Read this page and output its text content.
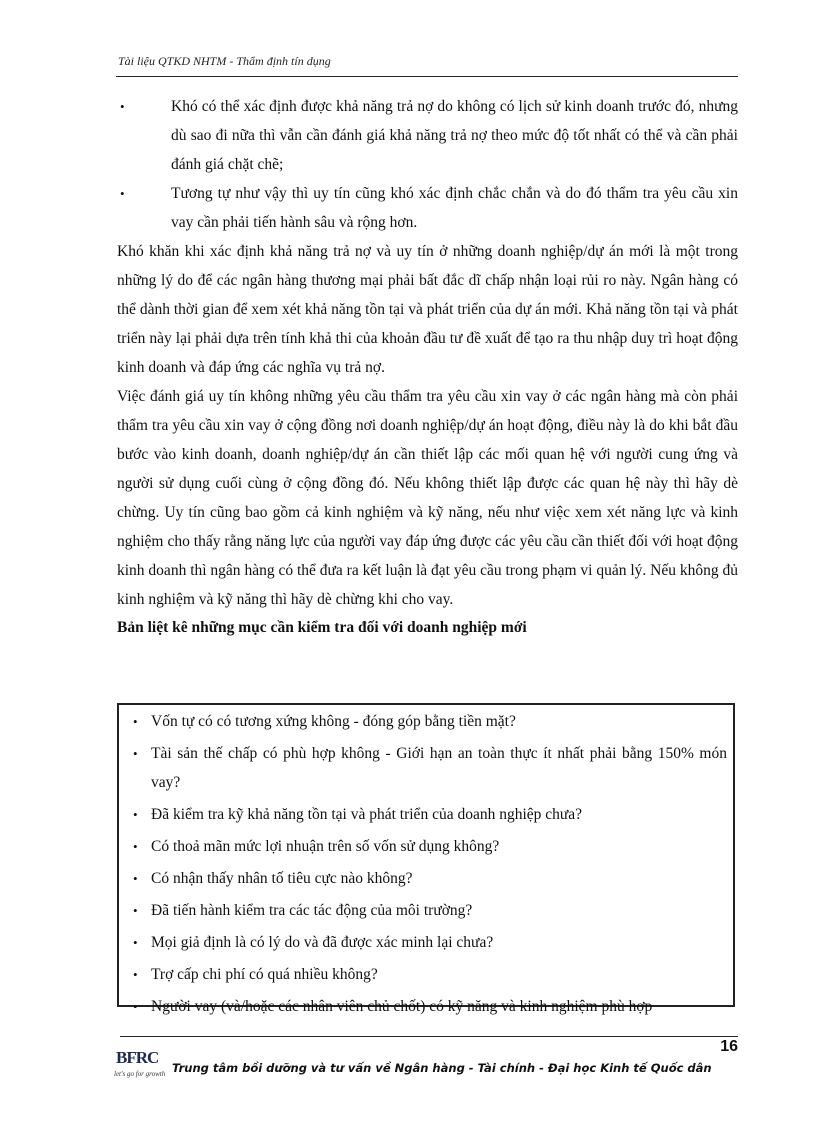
Tài liệu QTKD NHTM - Thẩm định tín dụng
•	Khó có thể xác định được khả năng trả nợ do không có lịch sử kinh doanh trước đó, nhưng dù sao đi nữa thì vẫn cần đánh giá khả năng trả nợ theo mức độ tốt nhất có thể và cần phải đánh giá chặt chẽ;
•	Tương tự như vậy thì uy tín cũng khó xác định chắc chắn và do đó thẩm tra yêu cầu xin vay cần phải tiến hành sâu và rộng hơn.

Khó khăn khi xác định khả năng trả nợ và uy tín ở những doanh nghiệp/dự án mới là một trong những lý do để các ngân hàng thương mại phải bất đắc dĩ chấp nhận loại rủi ro này. Ngân hàng có thể dành thời gian để xem xét khả năng tồn tại và phát triển của dự án mới. Khả năng tồn tại và phát triển này lại phải dựa trên tính khả thi của khoản đầu tư đề xuất để tạo ra thu nhập duy trì hoạt động kinh doanh và đáp ứng các nghĩa vụ trả nợ.

Việc đánh giá uy tín không những yêu cầu thẩm tra yêu cầu xin vay ở các ngân hàng mà còn phải thẩm tra yêu cầu xin vay ở cộng đồng nơi doanh nghiệp/dự án hoạt động, điều này là do khi bắt đầu bước vào kinh doanh, doanh nghiệp/dự án cần thiết lập các mối quan hệ với người cung ứng và người sử dụng cuối cùng ở cộng đồng đó. Nếu không thiết lập được các quan hệ này thì hãy dè chừng. Uy tín cũng bao gồm cả kinh nghiệm và kỹ năng, nếu như việc xem xét năng lực và kinh nghiệm cho thấy rằng năng lực của người vay đáp ứng được các yêu cầu cần thiết đối với hoạt động kinh doanh thì ngân hàng có thể đưa ra kết luận là đạt yêu cầu trong phạm vi quản lý. Nếu không đủ kinh nghiệm và kỹ năng thì hãy dè chừng khi cho vay.

Bản liệt kê những mục cần kiểm tra đối với doanh nghiệp mới

• Vốn tự có có tương xứng không - đóng góp bằng tiền mặt?
• Tài sản thế chấp có phù hợp không - Giới hạn an toàn thực ít nhất phải bằng 150% món vay?
• Đã kiểm tra kỹ khả năng tồn tại và phát triển của doanh nghiệp chưa?
• Có thoả mãn mức lợi nhuận trên số vốn sử dụng không?
• Có nhận thấy nhân tố tiêu cực nào không?
• Đã tiến hành kiểm tra các tác động của môi trường?
• Mọi giả định là có lý do và đã được xác minh lại chưa?
• Trợ cấp chi phí có quá nhiều không?
• Người vay (và/hoặc các nhân viên chủ chốt) có kỹ năng và kinh nghiệm phù hợp
16
BFRC
let's go for growth Trung tâm bồi dưỡng và tư vấn về Ngân hàng - Tài chính - Đại học Kinh tế Quốc dân
